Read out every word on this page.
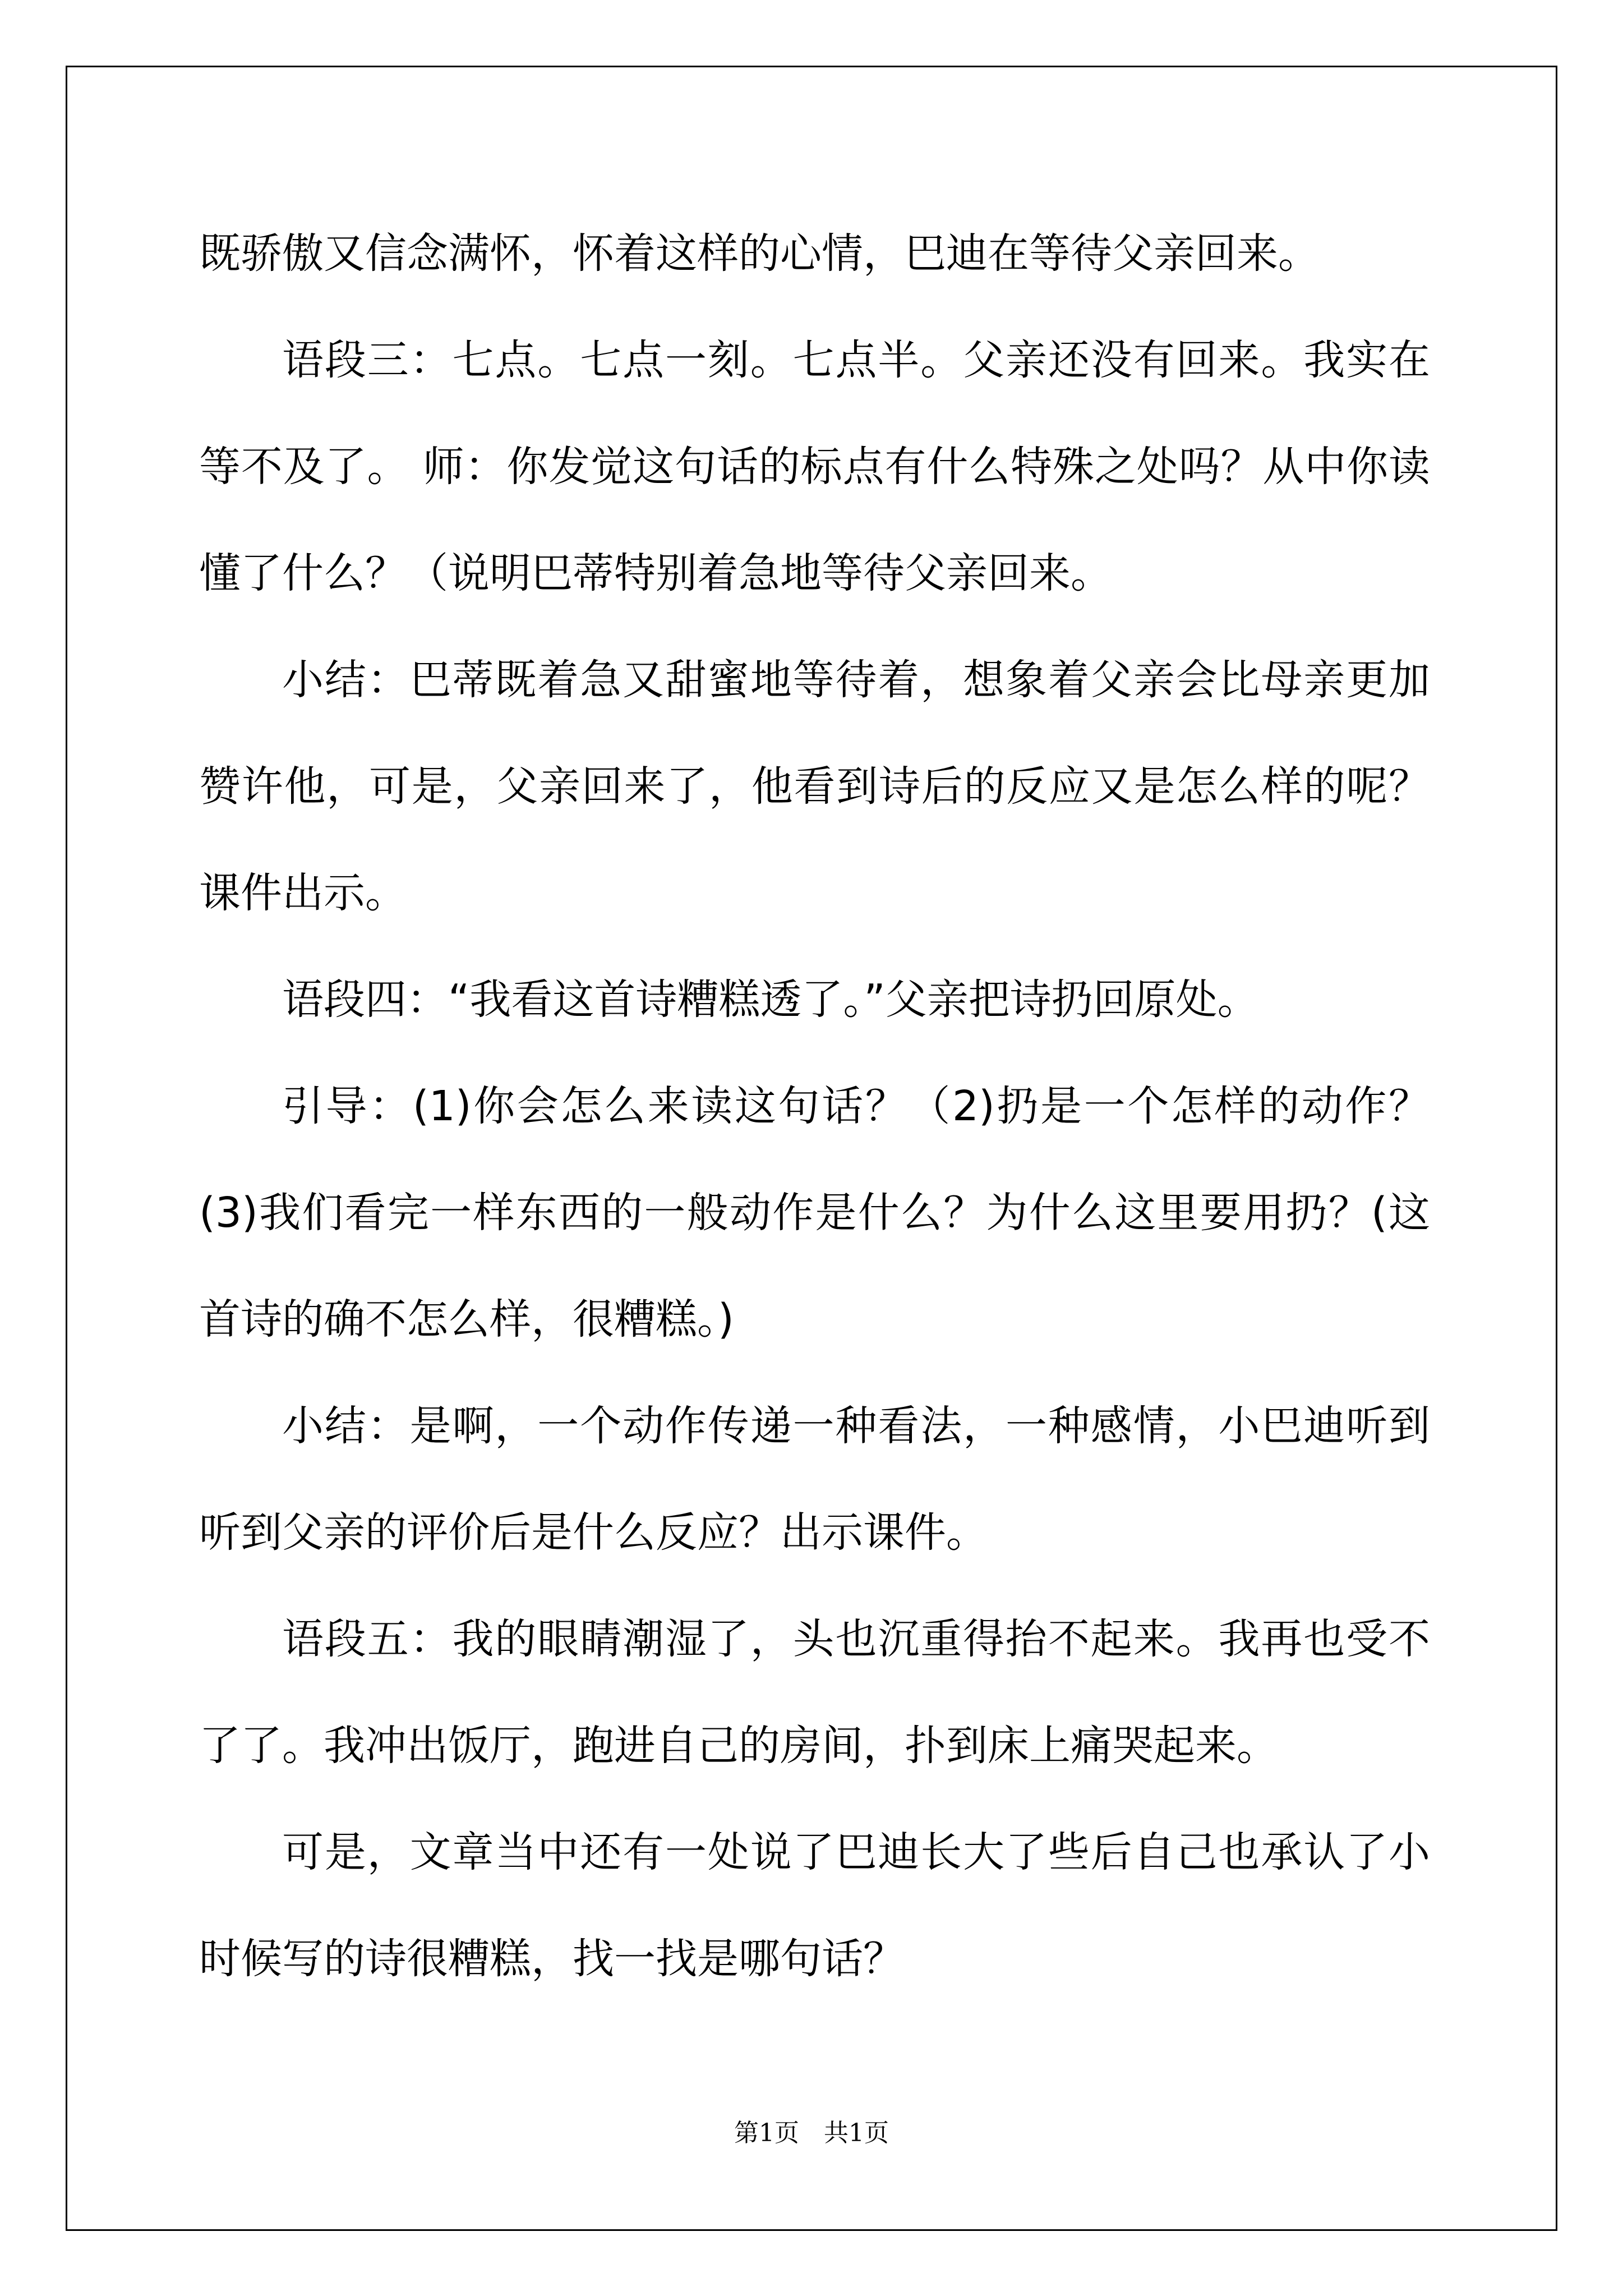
既骄傲又信念满怀，怀着这样的心情，巴迪在等待父亲回来。

语段三：七点。七点一刻。七点半。父亲还没有回来。我实在等不及了。 师：你发觉这句话的标点有什么特殊之处吗？从中你读懂了什么？（说明巴蒂特别着急地等待父亲回来。

小结：巴蒂既着急又甜蜜地等待着，想象着父亲会比母亲更加赞许他，可是，父亲回来了，他看到诗后的反应又是怎么样的呢？课件出示。

语段四：“我看这首诗糟糕透了。”父亲把诗扔回原处。

引导：(1)你会怎么来读这句话？（2)扔是一个怎样的动作？(3)我们看完一样东西的一般动作是什么？为什么这里要用扔？(这首诗的确不怎么样，很糟糕。)

小结：是啊，一个动作传递一种看法，一种感情，小巴迪听到听到父亲的评价后是什么反应？出示课件。

语段五：我的眼睛潮湿了，头也沉重得抬不起来。我再也受不了了。我冲出饭厅，跑进自己的房间，扑到床上痛哭起来。

可是，文章当中还有一处说了巴迪长大了些后自己也承认了小时候写的诗很糟糕，找一找是哪句话？

第1页　共1页
